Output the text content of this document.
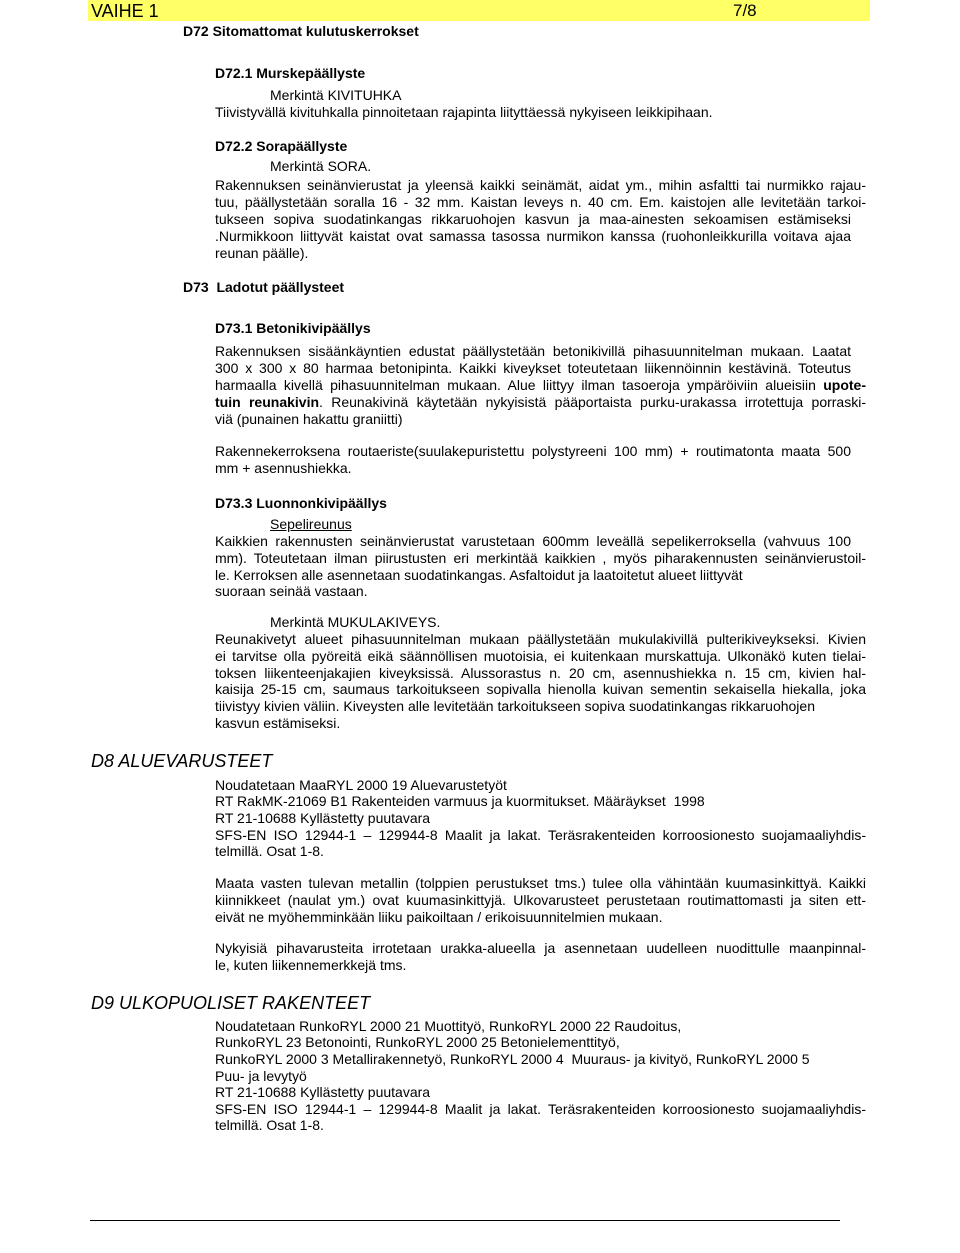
VAIHE 1	7/8
D72 Sitomattomat kulutuskerrokset
D72.1 Murskepäällyste
Merkintä KIVITUHKA
Tiivistyvällä kivituhkalla pinnoitetaan rajapinta liityttäessä nykyiseen leikkipihaan.
D72.2 Sorapäällyste
Merkintä SORA.
Rakennuksen seinänvierustat ja yleensä kaikki seinämät, aidat ym., mihin asfaltti tai nurmikko rajau-
tuu, päällystetään soralla 16 - 32 mm. Kaistan leveys n. 40 cm. Em. kaistojen alle levitetään tarkoi-
tukseen sopiva suodatinkangas rikkaruohojen kasvun ja maa-ainesten sekoamisen estämiseksi
.Nurmikkoon liittyvät kaistat ovat samassa tasossa nurmikon kanssa (ruohonleikkurilla voitava ajaa
reunan päälle).
D73  Ladotut päällysteet
D73.1 Betonikivipäällys
Rakennuksen sisäänkäyntien edustat päällystetään betonikivillä pihasuunnitelman mukaan. Laatat
300 x 300 x 80 harmaa betonipinta. Kaikki kiveykset toteutetaan liikennöinnin kestävinä. Toteutus
harmaalla kivellä pihasuunnitelman mukaan. Alue liittyy ilman tasoeroja ympäröiviin alueisiin upote-
tuin reunakivin. Reunakivinä käytetään nykyisistä pääportaista purku-urakassa irrotettuja porraski-
viä (punainen hakattu graniitti)
Rakennekerroksena routaeriste(suulakepuristettu polystyreeni 100 mm) + routimatonta maata 500
mm + asennushiekka.
D73.3 Luonnonkivipäällys
Sepelireunus
Kaikkien rakennusten seinänvierustat varustetaan 600mm leveällä sepelikerroksella (vahvuus 100
mm). Toteutetaan ilman piirustusten eri merkintää kaikkien , myös piharakennusten seinänvierustoil-
le. Kerroksen alle asennetaan suodatinkangas. Asfaltoidut ja laatoitetut alueet liittyvät
suoraan seinää vastaan.
Merkintä MUKULAKIVEYS.
Reunakivetyt alueet pihasuunnitelman mukaan päällystetään mukulakivillä pulterikiveykseksi. Kivien
ei tarvitse olla pyöreitä eikä säännöllisen muotoisia, ei kuitenkaan murskattuja. Ulkonäkö kuten tielai-
toksen liikenteenjakajien kiveyksissä. Alussorastus n. 20 cm, asennushiekka n. 15 cm, kivien hal-
kaisija 25-15 cm, saumaus tarkoitukseen sopivalla hienolla kuivan sementin sekaisella hiekalla, joka
tiivistyy kivien väliin. Kiveysten alle levitetään tarkoitukseen sopiva suodatinkangas rikkaruohojen
kasvun estämiseksi.
D8 ALUEVARUSTEET
Noudatetaan MaaRYL 2000 19 Aluevarustetyöt
RT RakMK-21069 B1 Rakenteiden varmuus ja kuormitukset. Määräykset  1998
RT 21-10688 Kyllästetty puutavara
SFS-EN ISO 12944-1 – 129944-8 Maalit ja lakat. Teräsrakenteiden korroosionesto suojamaaliyhdis-
telmillä. Osat 1-8.
Maata vasten tulevan metallin (tolppien perustukset tms.) tulee olla vähintään kuumasinkittyä. Kaikki
kiinnikkeet (naulat ym.) ovat kuumasinkittyjä. Ulkovarusteet perustetaan routimattomasti ja siten ett-
eivät ne myöhemminkään liiku paikoiltaan / erikoisuunnitelmien mukaan.
Nykyisiä pihavarusteita irrotetaan urakka-alueella ja asennetaan uudelleen nuodittulle maanpinnal-
le, kuten liikennemerkkejä tms.
D9 ULKOPUOLISET RAKENTEET
Noudatetaan RunkoRYL 2000 21 Muottityö, RunkoRYL 2000 22 Raudoitus,
RunkoRYL 23 Betonointi, RunkoRYL 2000 25 Betonielementtityö,
RunkoRYL 2000 3 Metallirakennetyö, RunkoRYL 2000 4  Muuraus- ja kivityö, RunkoRYL 2000 5
Puu- ja levytyö
RT 21-10688 Kyllästetty puutavara
SFS-EN ISO 12944-1 – 129944-8 Maalit ja lakat. Teräsrakenteiden korroosionesto suojamaaliyhdis-
telmillä. Osat 1-8.
